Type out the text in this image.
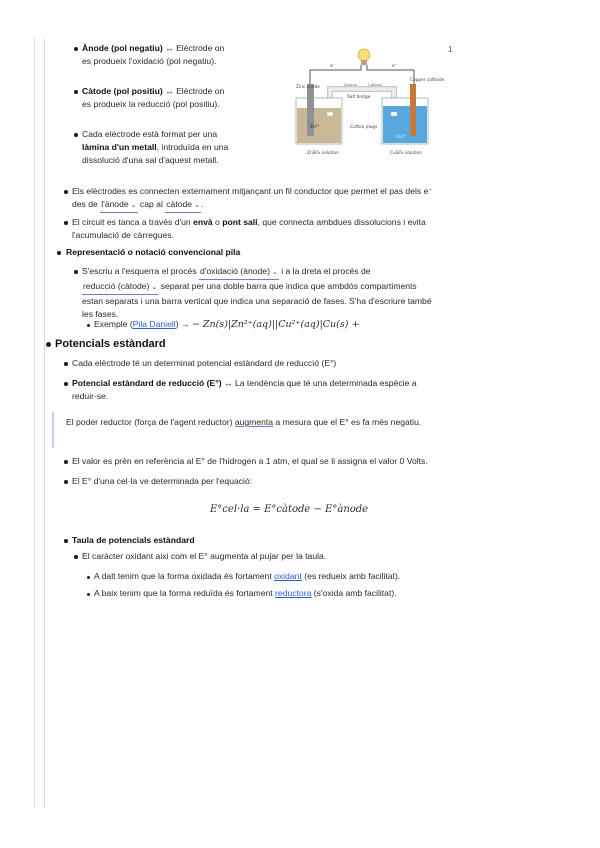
1
Ànode (pol negatiu) ↔ Elèctrode on es produeix l'oxidació (pol negatiu).
Càtode (pol positiu) ↔ Elèctrode on es produeix la reducció (pol positiu).
Cada elèctrode està format per una làmina d'un metall, introduïda en una dissolució d'una sal d'aquest metall.
Zinc anode
Copper cathode
Salt bridge
Cotton plugs
Zn²⁺
Cu²⁺
ZnSO₄ solution	CuSO₄ solution
e⁻	e⁻
Anions	Cations
Els elèctrodes es connecten externament mitjançant un fil conductor que permet el pas dels e⁻ des de l'ànode ⌄ cap al càtode ⌄.
El circuit es tanca a través d'un envà o pont salí, que connecta ambdues dissolucions i evita l'acumulació de càrregues.
Representació o notació convencional pila
S'escriu a l'esquerra el procés d'oxidació (ànode) ⌄ i a la dreta el procés de reducció (càtode) ⌄ separat per una doble barra que indica que ambdós compartiments estan separats i una barra vertical que indica una separació de fases. S'ha d'escriure també les fases.
Exemple (Pila Daniell) → − Zn(s)|Zn²⁺(aq)||Cu²⁺(aq)|Cu(s) +
Potencials estàndard
Cada elèctrode té un determinat potencial estàndard de reducció (E°)
Potencial estàndard de reducció (E°) ↔ La tendència que té una determinada espècie a reduir-se.
El poder reductor (força de l'agent reductor) augmenta a mesura que el E° es fa més negatiu.
El valor es prèn en referència al E° de l'hidrogen a 1 atm, el qual se li assigna el valor 0 Volts.
El E° d'una cel·la ve determinada per l'equació:
E°cel·la = E°càtode − E°ànode
Taula de potencials estàndard
El caràcter oxidant aixi com el E° augmenta al pujar per la taula.
A dalt tenim que la forma oxidada és fortament oxidant (es redueix amb facilitat).
A baix tenim que la forma reduïda és fortament reductora (s'oxida amb facilitat).
